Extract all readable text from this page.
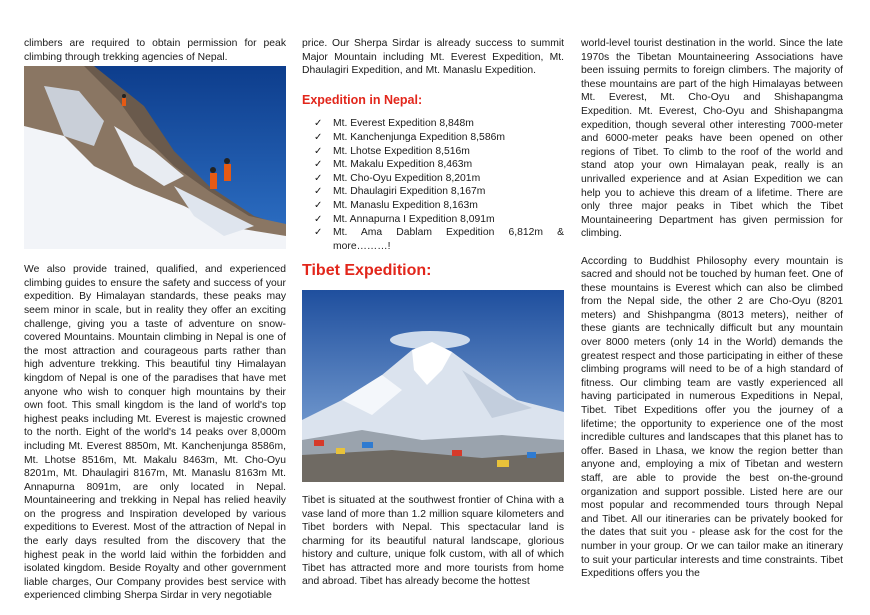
climbers are required to obtain permission for peak climbing through trekking agencies of Nepal.

We also provide trained, qualified, and experienced climbing guides to ensure the safety and success of your expedition. By Himalayan standards, these peaks may seem minor in scale, but in reality they offer an exciting challenge, giving you a taste of adventure on snow-covered Mountains. Mountain climbing in Nepal is one of the most attraction and courageous parts rather than high adventure trekking. This beautiful tiny Himalayan kingdom of Nepal is one of the paradises that have met anyone who wish to conquer high mountains by their own foot. This small kingdom is the land of world's top highest peaks including Mt. Everest is majestic crowned to the north. Eight of the world's 14 peaks over 8,000m including Mt. Everest 8850m, Mt. Kanchenjunga 8586m, Mt. Lhotse 8516m, Mt. Makalu 8463m, Mt. Cho-Oyu 8201m, Mt. Dhaulagiri 8167m, Mt. Manaslu 8163m Mt. Annapurna 8091m, are only located in Nepal. Mountaineering and trekking in Nepal has relied heavily on the progress and Inspiration developed by various expeditions to Everest. Most of the attraction of Nepal in the early days resulted from the discovery that the highest peak in the world laid within the forbidden and isolated kingdom. Beside Royalty and other government liable charges, Our Company provides best service with experienced climbing Sherpa Sirdar in very negotiable

price. Our Sherpa Sirdar is already success to summit Major Mountain including Mt. Everest Expedition, Mt. Dhaulagiri Expedition, and Mt. Manaslu Expedition.

Expedition in Nepal:
✓ Mt. Everest Expedition 8,848m
✓ Mt. Kanchenjunga Expedition 8,586m
✓ Mt. Lhotse Expedition 8,516m
✓ Mt. Makalu Expedition 8,463m
✓ Mt. Cho-Oyu Expedition 8,201m
✓ Mt. Dhaulagiri Expedition 8,167m
✓ Mt. Manaslu Expedition 8,163m
✓ Mt. Annapurna I Expedition 8,091m
✓ Mt. Ama Dablam Expedition 6,812m & more………!
Tibet Expedition:

Tibet is situated at the southwest frontier of China with a vase land of more than 1.2 million square kilometers and Tibet borders with Nepal. This spectacular land is charming for its beautiful natural landscape, glorious history and culture, unique folk custom, with all of which Tibet has attracted more and more tourists from home and abroad. Tibet has already become the hottest

world-level tourist destination in the world. Since the late 1970s the Tibetan Mountaineering Associations have been issuing permits to foreign climbers. The majority of these mountains are part of the high Himalayas between Mt. Everest, Mt. Cho-Oyu and Shishapangma Expedition. Mt. Everest, Cho-Oyu and Shishapangma expedition, though several other interesting 7000-meter and 6000-meter peaks have been opened on other regions of Tibet. To climb to the roof of the world and stand atop your own Himalayan peak, really is an unrivalled experience and at Asian Expedition we can help you to achieve this dream of a lifetime. There are only three major peaks in Tibet which the Tibet Mountaineering Department has given permission for climbing.

According to Buddhist Philosophy every mountain is sacred and should not be touched by human feet. One of these mountains is Everest which can also be climbed from the Nepal side, the other 2 are Cho-Oyu (8201 meters) and Shishpangma (8013 meters), neither of these giants are technically difficult but any mountain over 8000 meters (only 14 in the World) demands the greatest respect and those participating in either of these climbing programs will need to be of a high standard of fitness. Our climbing team are vastly experienced all having participated in numerous Expeditions in Nepal, Tibet. Tibet Expeditions offer you the journey of a lifetime; the opportunity to experience one of the most incredible cultures and landscapes that this planet has to offer. Based in Lhasa, we know the region better than anyone and, employing a mix of Tibetan and western staff, are able to provide the best on-the-ground organization and support possible. Listed here are our most popular and recommended tours through Nepal and Tibet. All our itineraries can be privately booked for the dates that suit you - please ask for the cost for the number in your group. Or we can tailor make an itinerary to suit your particular interests and time constraints. Tibet Expeditions offers you the
